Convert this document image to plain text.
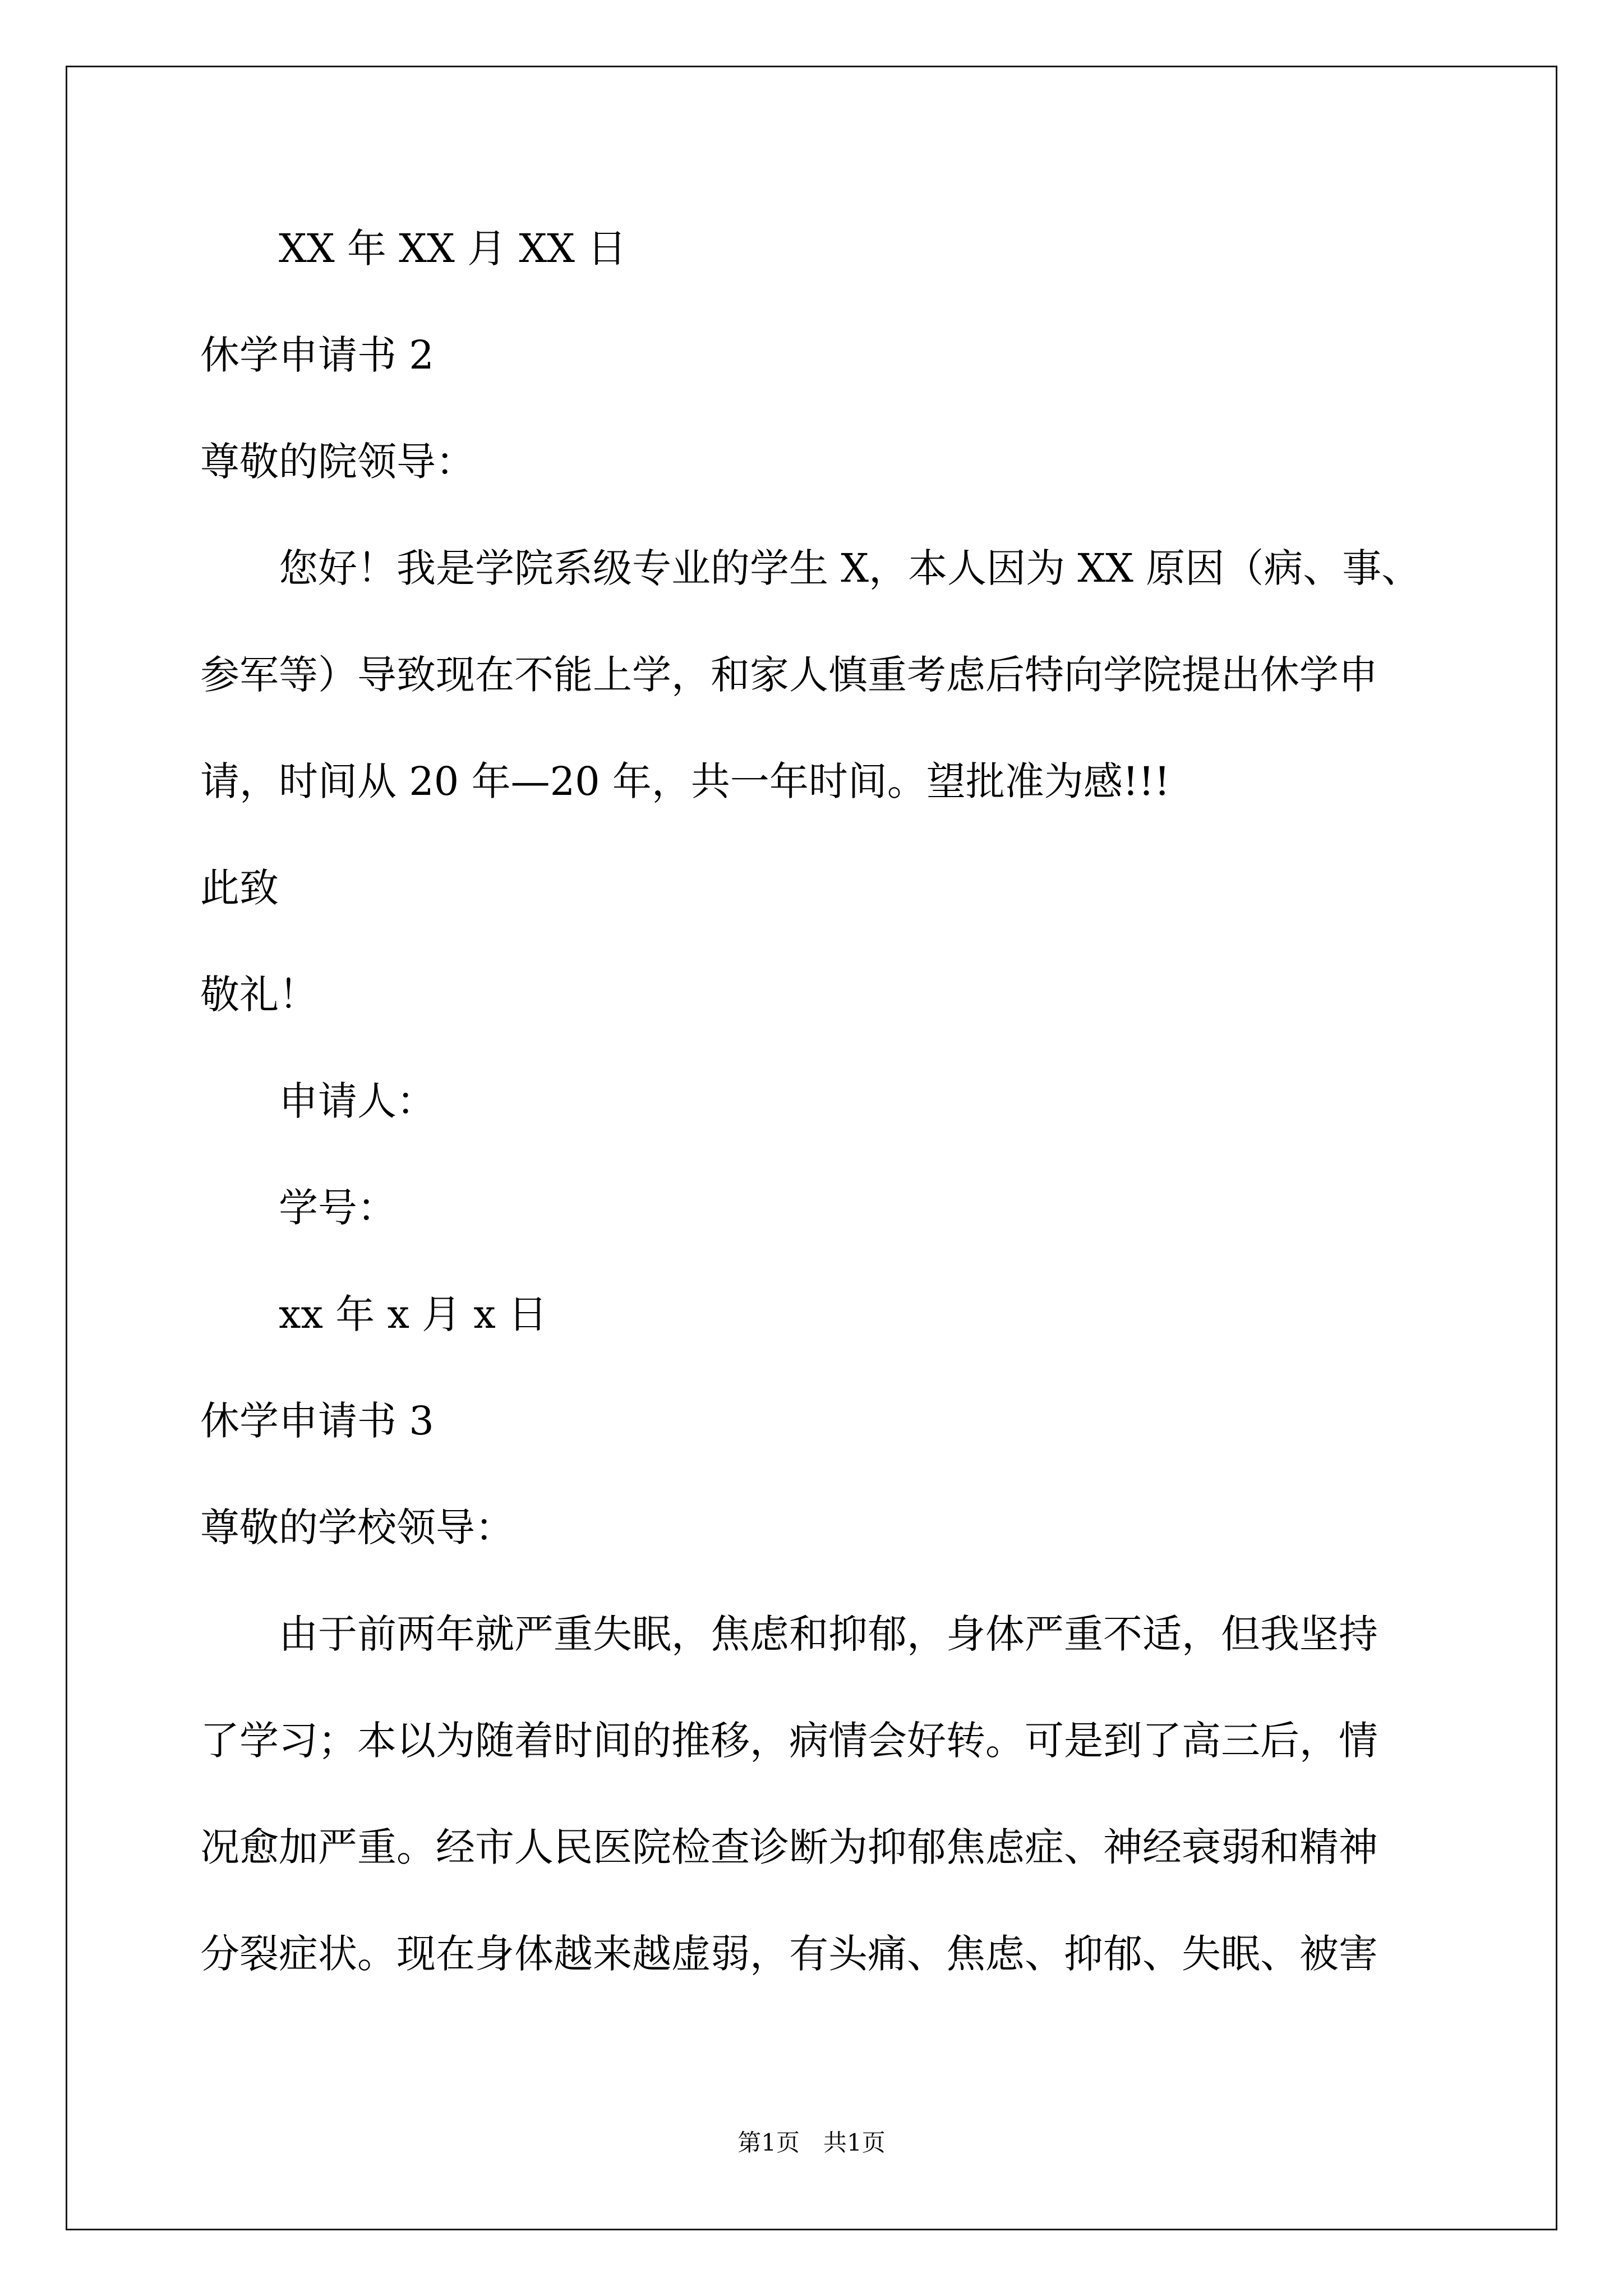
XX 年 XX 月 XX 日
休学申请书 2
尊敬的院领导：
您好！我是学院系级专业的学生 X，本人因为 XX 原因（病、事、
参军等）导致现在不能上学，和家人慎重考虑后特向学院提出休学申
请，时间从 20 年—20 年，共一年时间。望批准为感!!!
此致
敬礼！
申请人：
学号：
xx 年 x 月 x 日
休学申请书 3
尊敬的学校领导：
由于前两年就严重失眠，焦虑和抑郁，身体严重不适，但我坚持
了学习；本以为随着时间的推移，病情会好转。可是到了高三后，情
况愈加严重。经市人民医院检查诊断为抑郁焦虑症、神经衰弱和精神
分裂症状。现在身体越来越虚弱，有头痛、焦虑、抑郁、失眠、被害
第1页　共1页
